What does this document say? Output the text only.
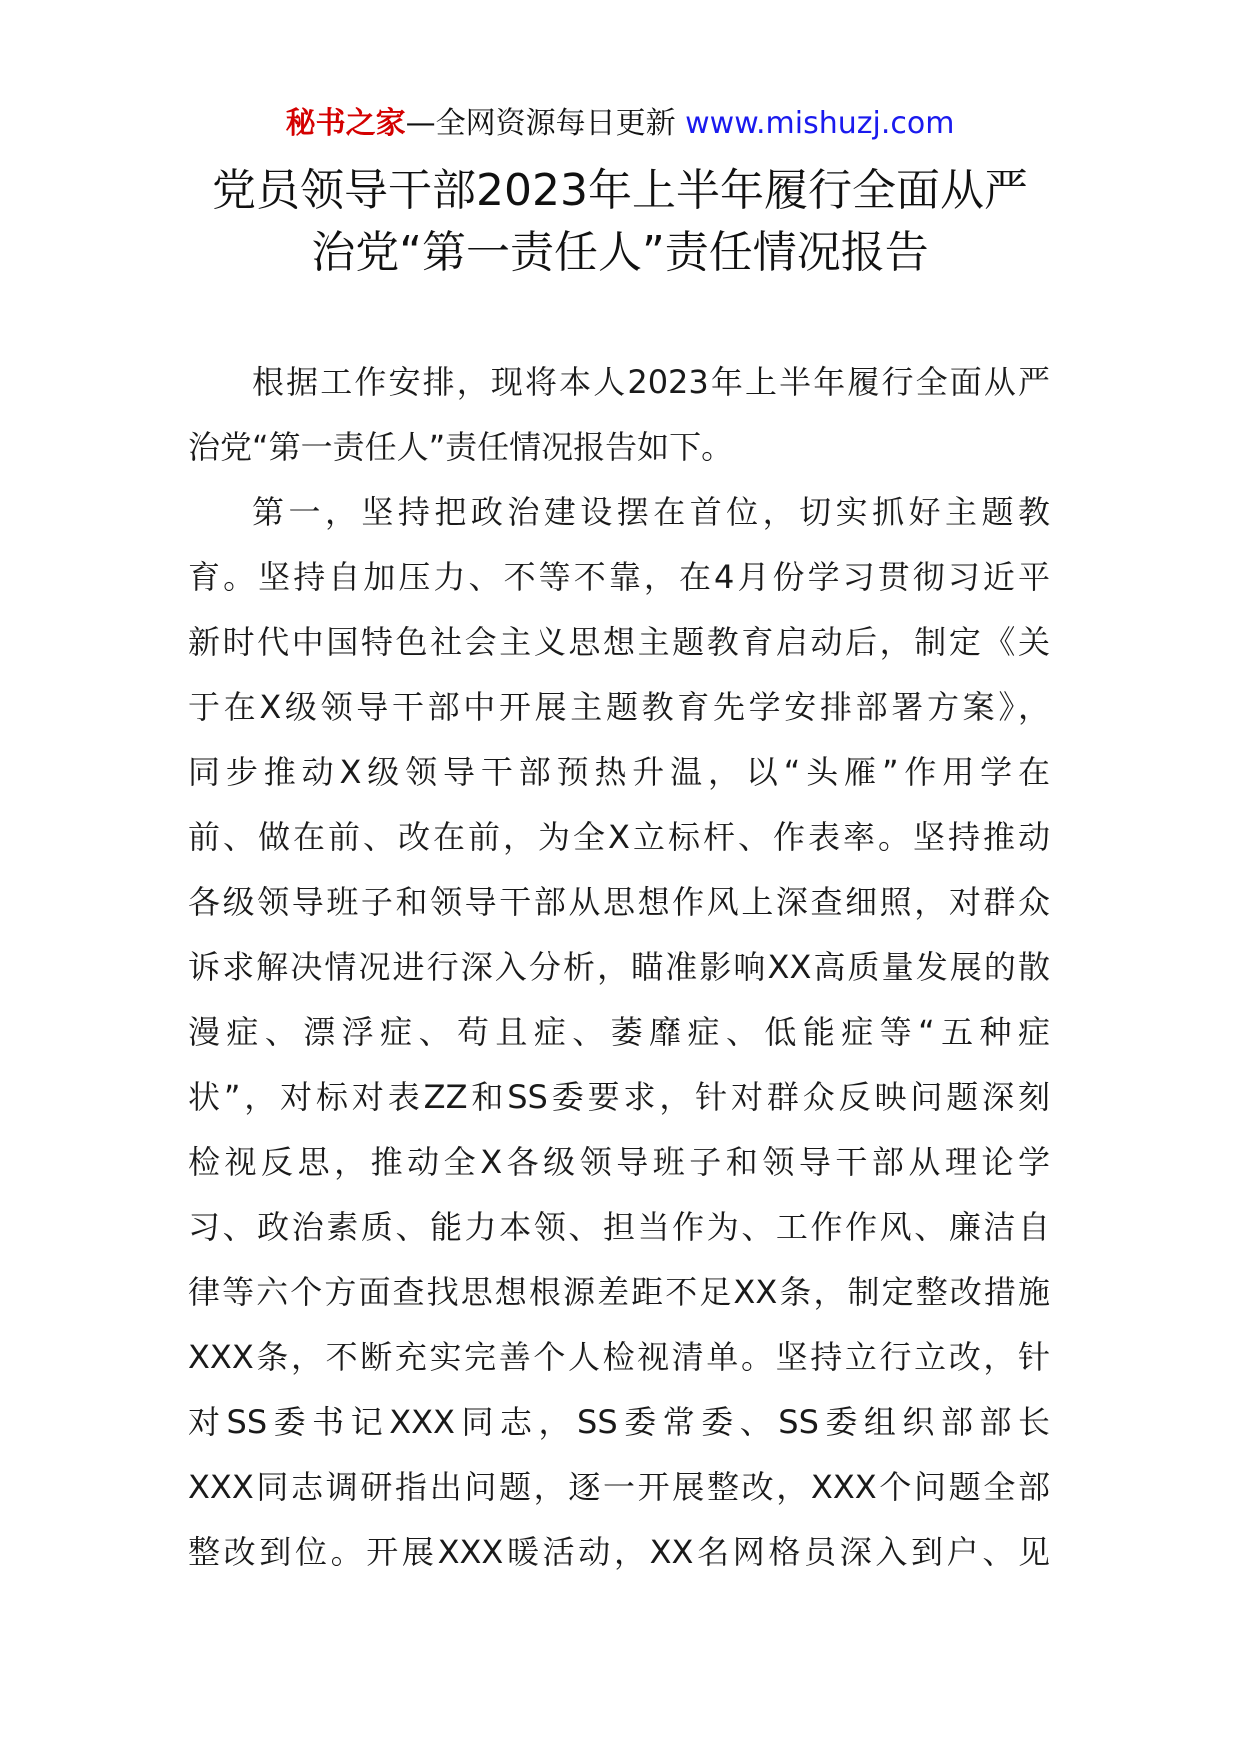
秘书之家—全网资源每日更新 www.mishuzj.com
党员领导干部2023年上半年履行全面从严
治党“第一责任人”责任情况报告
根据工作安排，现将本人2023年上半年履行全面从严
治党“第一责任人”责任情况报告如下。
第一，坚持把政治建设摆在首位，切实抓好主题教
育。坚持自加压力、不等不靠，在4月份学习贯彻习近平
新时代中国特色社会主义思想主题教育启动后，制定《关
于在X级领导干部中开展主题教育先学安排部署方案》，
同步推动X级领导干部预热升温，以“头雁”作用学在
前、做在前、改在前，为全X立标杆、作表率。坚持推动
各级领导班子和领导干部从思想作风上深查细照，对群众
诉求解决情况进行深入分析，瞄准影响XX高质量发展的散
漫症、漂浮症、苟且症、萎靡症、低能症等“五种症
状”，对标对表ZZ和SS委要求，针对群众反映问题深刻
检视反思，推动全X各级领导班子和领导干部从理论学
习、政治素质、能力本领、担当作为、工作作风、廉洁自
律等六个方面查找思想根源差距不足XX条，制定整改措施
XXX条，不断充实完善个人检视清单。坚持立行立改，针
对SS委书记XXX同志，SS委常委、SS委组织部部长
XXX同志调研指出问题，逐一开展整改，XXX个问题全部
整改到位。开展XXX暖活动，XX名网格员深入到户、见
